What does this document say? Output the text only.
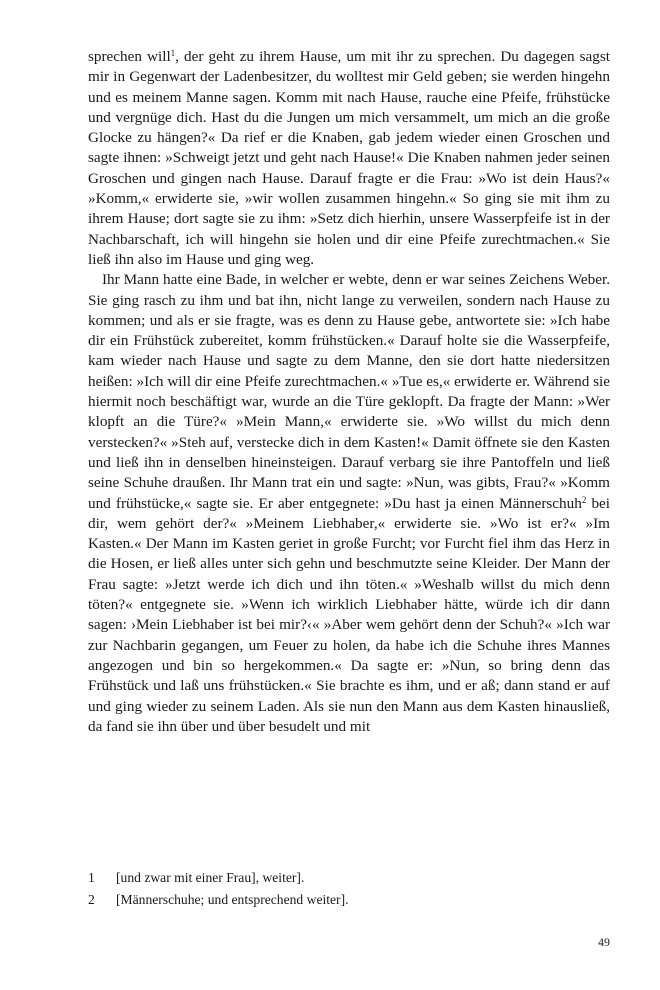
sprechen will$^1$, der geht zu ihrem Hause, um mit ihr zu sprechen. Du dagegen sagst mir in Gegenwart der Ladenbesitzer, du wolltest mir Geld geben; sie werden hingehn und es meinem Manne sagen. Komm mit nach Hause, rauche eine Pfeife, frühstücke und vergnüge dich. Hast du die Jungen um mich versammelt, um mich an die große Glocke zu hängen?« Da rief er die Knaben, gab jedem wieder einen Groschen und sagte ihnen: »Schweigt jetzt und geht nach Hause!« Die Knaben nahmen jeder seinen Groschen und gingen nach Hause. Darauf fragte er die Frau: »Wo ist dein Haus?« »Komm,« erwiderte sie, »wir wollen zusammen hingehn.« So ging sie mit ihm zu ihrem Hause; dort sagte sie zu ihm: »Setz dich hierhin, unsere Wasserpfeife ist in der Nachbarschaft, ich will hingehn sie holen und dir eine Pfeife zurechtmachen.« Sie ließ ihn also im Hause und ging weg.

Ihr Mann hatte eine Bade, in welcher er webte, denn er war seines Zeichens Weber. Sie ging rasch zu ihm und bat ihn, nicht lange zu verweilen, sondern nach Hause zu kommen; und als er sie fragte, was es denn zu Hause gebe, antwortete sie: »Ich habe dir ein Frühstück zubereitet, komm frühstücken.« Darauf holte sie die Wasserpfeife, kam wieder nach Hause und sagte zu dem Manne, den sie dort hatte niedersitzen heißen: »Ich will dir eine Pfeife zurechtmachen.« »Tue es,« erwiderte er. Während sie hiermit noch beschäftigt war, wurde an die Türe geklopft. Da fragte der Mann: »Wer klopft an die Türe?« »Mein Mann,« erwiderte sie. »Wo willst du mich denn verstecken?« »Steh auf, verstecke dich in dem Kasten!« Damit öffnete sie den Kasten und ließ ihn in denselben hineinsteigen. Darauf verbarg sie ihre Pantoffeln und ließ seine Schuhe draußen. Ihr Mann trat ein und sagte: »Nun, was gibts, Frau?« »Komm und frühstücke,« sagte sie. Er aber entgegnete: »Du hast ja einen Männerschuh$^2$ bei dir, wem gehört der?« »Meinem Liebhaber,« erwiderte sie. »Wo ist er?« »Im Kasten.« Der Mann im Kasten geriet in große Furcht; vor Furcht fiel ihm das Herz in die Hosen, er ließ alles unter sich gehn und beschmutzte seine Kleider. Der Mann der Frau sagte: »Jetzt werde ich dich und ihn töten.« »Weshalb willst du mich denn töten?« entgegnete sie. »Wenn ich wirklich Liebhaber hätte, würde ich dir dann sagen: ›Mein Liebhaber ist bei mir?‹« »Aber wem gehört denn der Schuh?« »Ich war zur Nachbarin gegangen, um Feuer zu holen, da habe ich die Schuhe ihres Mannes angezogen und bin so hergekommen.« Da sagte er: »Nun, so bring denn das Frühstück und laß uns frühstücken.« Sie brachte es ihm, und er aß; dann stand er auf und ging wieder zu seinem Laden. Als sie nun den Mann aus dem Kasten hinausließ, da fand sie ihn über und über besudelt und mit

1	[und zwar mit einer Frau], weiter].
2	[Männerschuhe; und entsprechend weiter].
49
